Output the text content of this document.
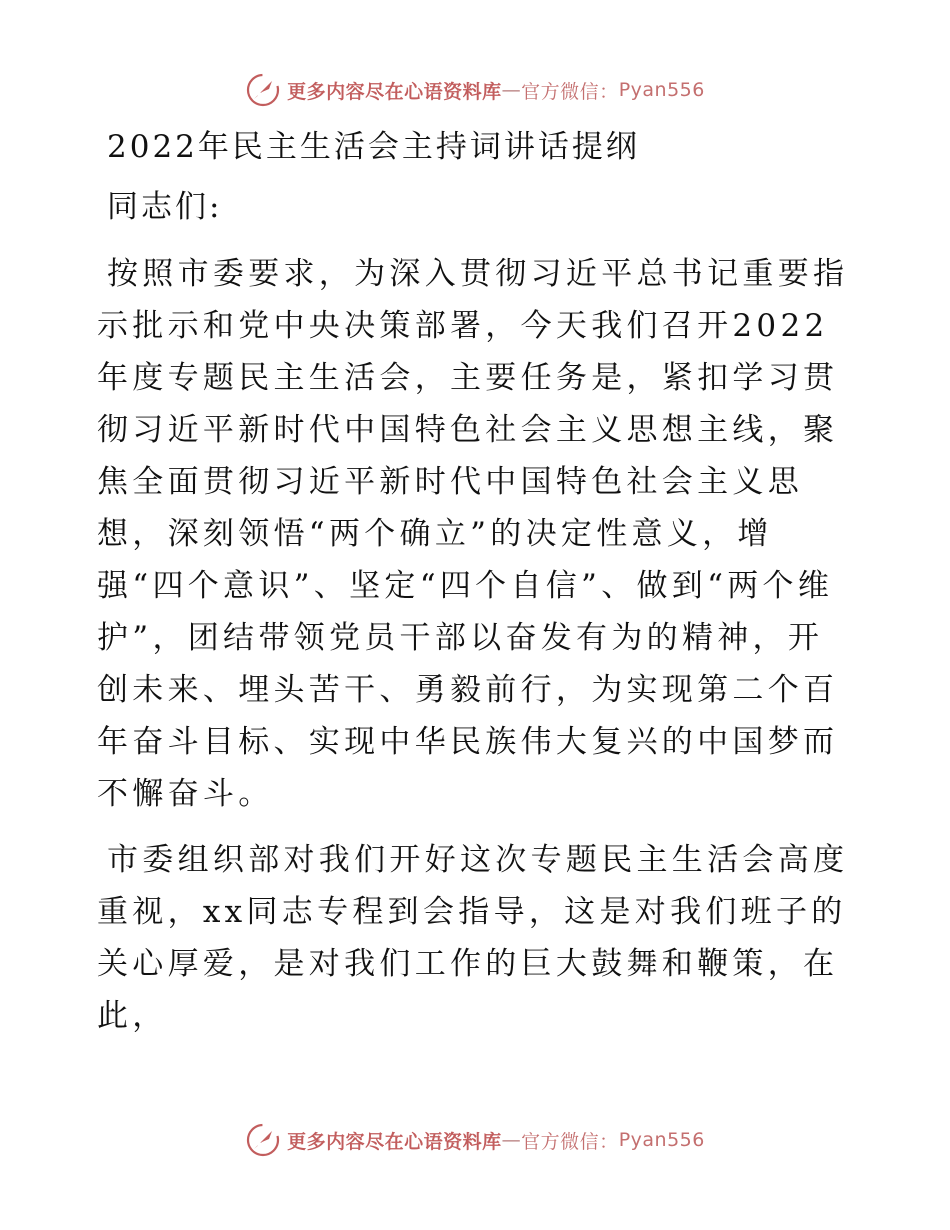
更多内容尽在心语资料库 — 官方微信： Pyan556
2022年民主生活会主持词讲话提纲

同志们:

按照市委要求，为深入贯彻习近平总书记重要指示批示和党中央决策部署，今天我们召开2022年度专题民主生活会，主要任务是，紧扣学习贯彻习近平新时代中国特色社会主义思想主线，聚焦全面贯彻习近平新时代中国特色社会主义思想，深刻领悟“两个确立”的决定性意义，增强“四个意识”、坚定“四个自信”、做到“两个维护”，团结带领党员干部以奋发有为的精神，开创未来、埋头苦干、勇毅前行，为实现第二个百年奋斗目标、实现中华民族伟大复兴的中国梦而不懈奋斗。

市委组织部对我们开好这次专题民主生活会高度重视，xx同志专程到会指导，这是对我们班子的关心厚爱，是对我们工作的巨大鼓舞和鞭策，在此，

更多内容尽在心语资料库 — 官方微信： Pyan556
